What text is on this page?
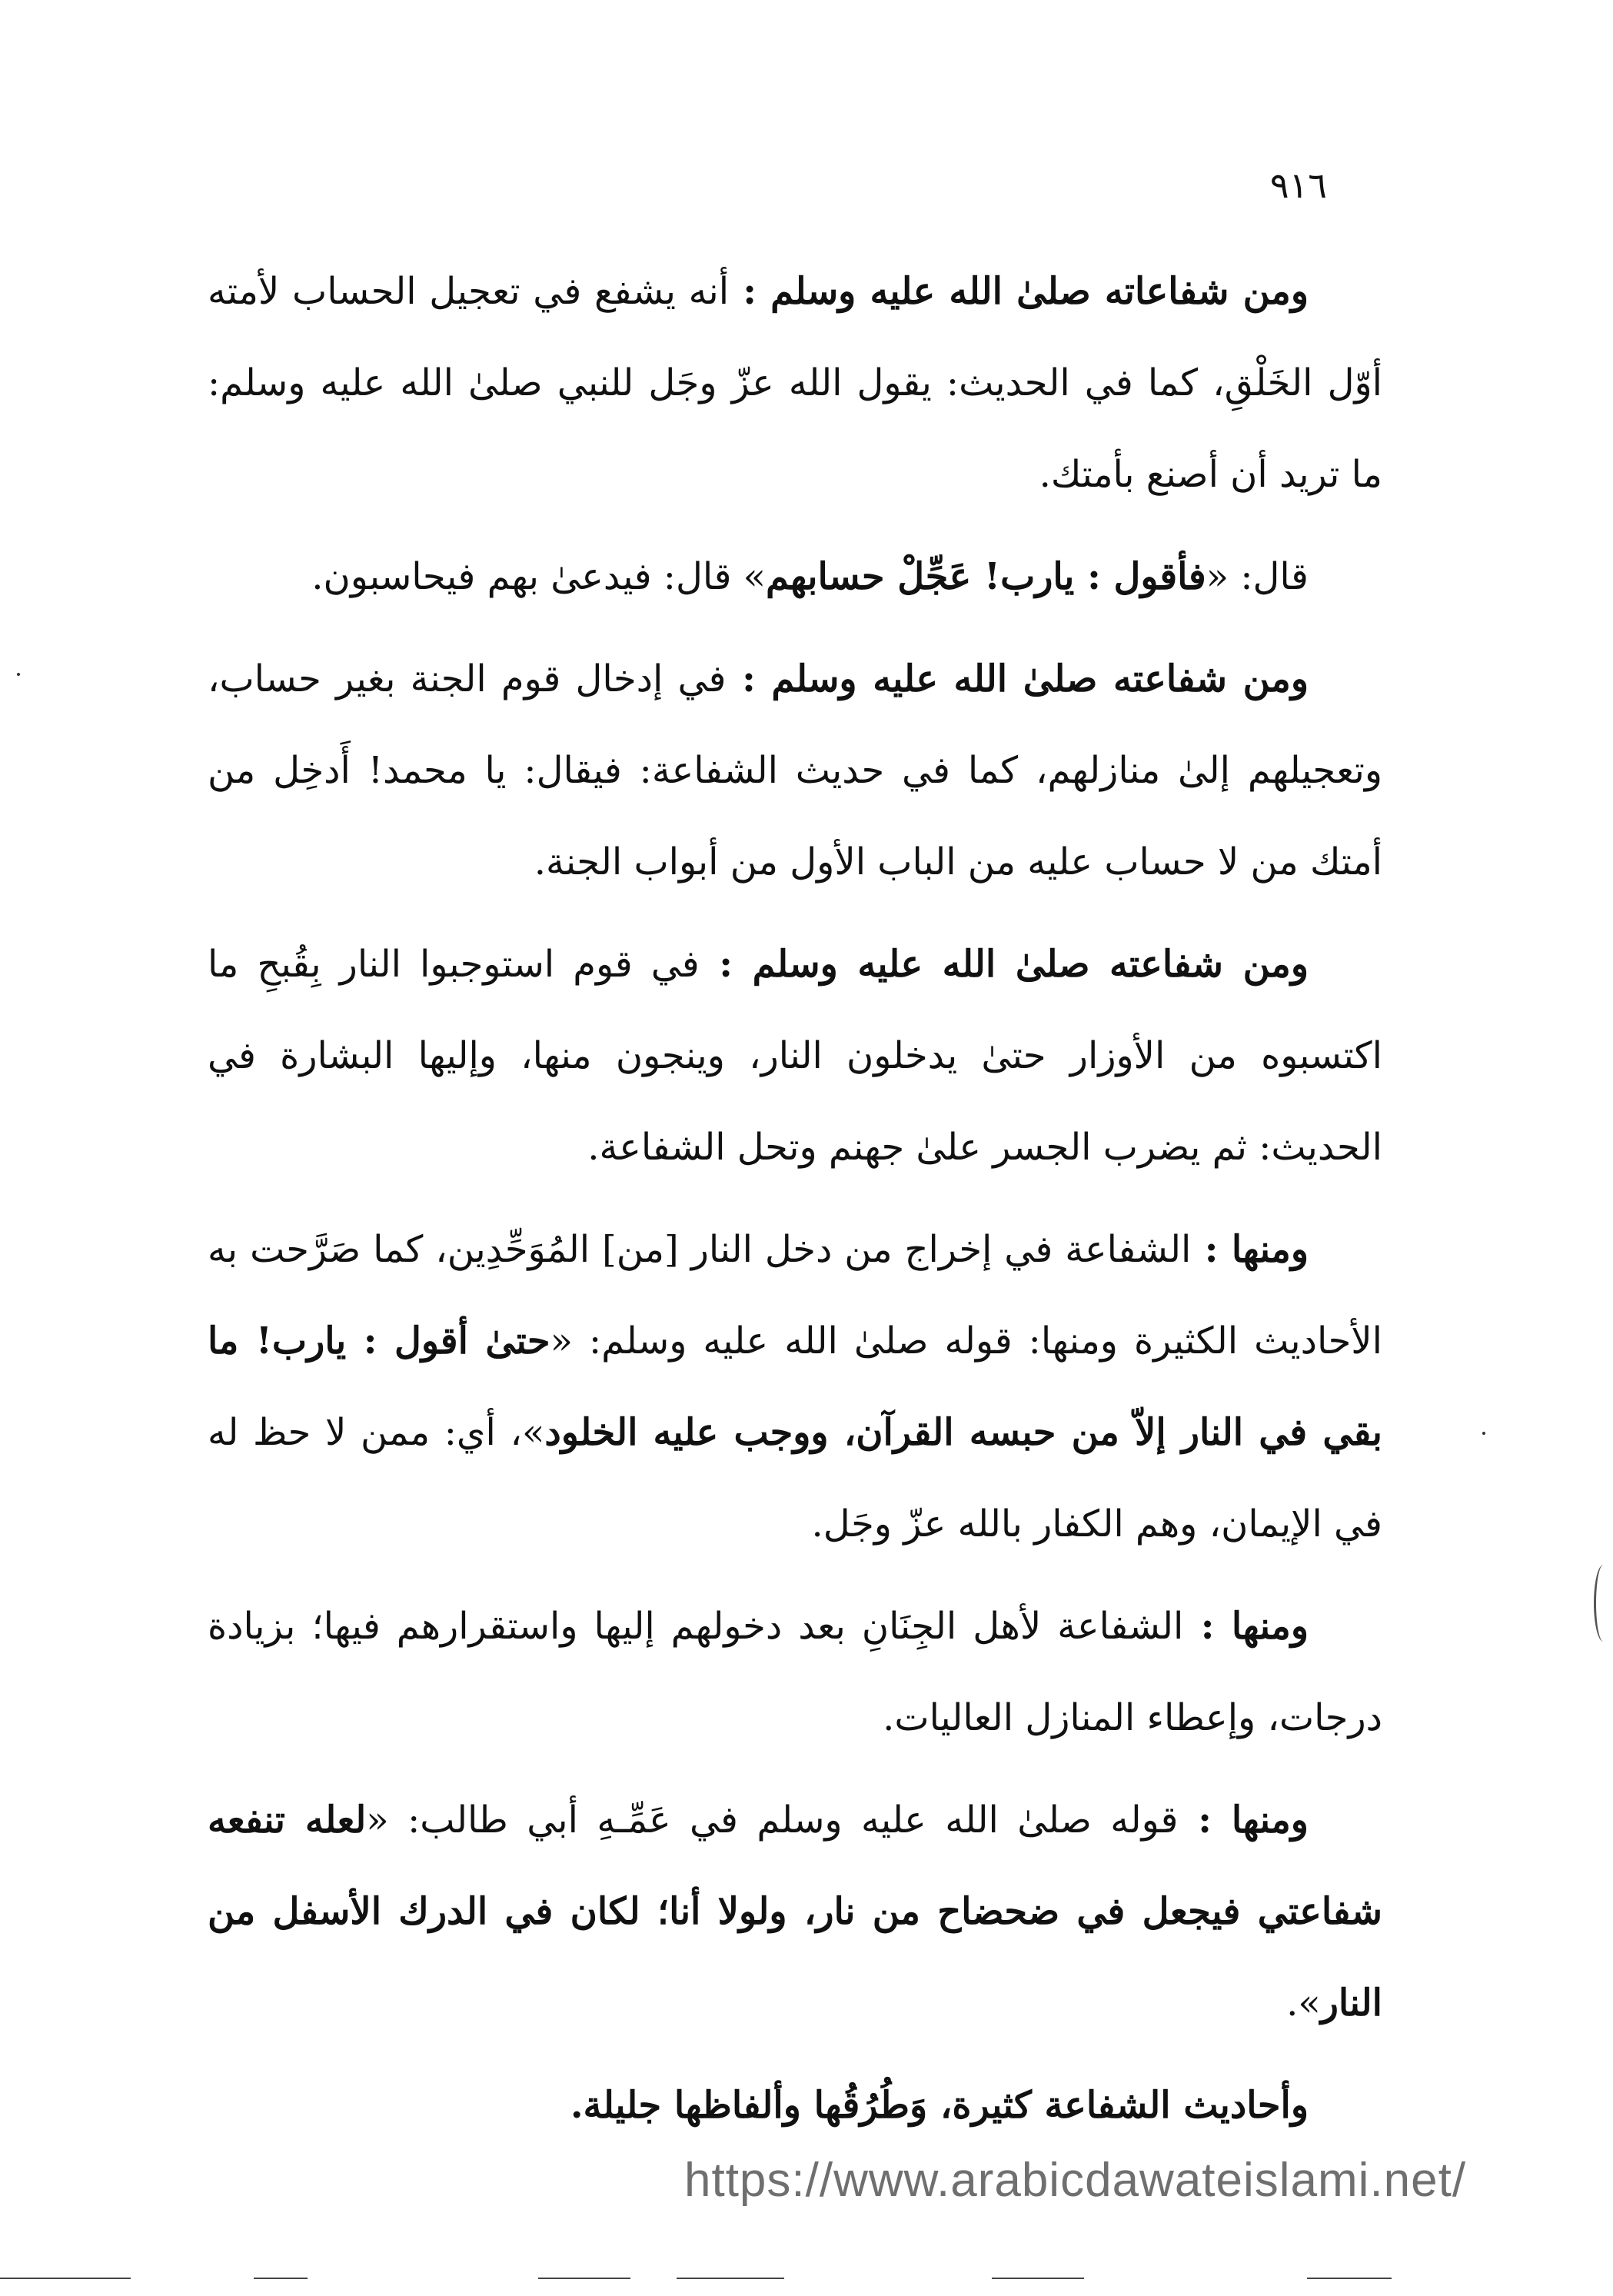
٩١٦

ومن شفاعاته صلىٰ الله عليه وسلم : أنه يشفع في تعجيل الحساب لأمته أوّل الخَلْقِ، كما في الحديث: يقول الله عزّ وجَل للنبي صلىٰ الله عليه وسلم: ما تريد أن أصنع بأمتك.

قال: «فأقول : يارب! عَجِّلْ حسابهم» قال: فيدعىٰ بهم فيحاسبون.

ومن شفاعته صلىٰ الله عليه وسلم : في إدخال قوم الجنة بغير حساب، وتعجيلهم إلىٰ منازلهم، كما في حديث الشفاعة: فيقال: يا محمد! أَدخِل من أمتك من لا حساب عليه من الباب الأول من أبواب الجنة.

ومن شفاعته صلىٰ الله عليه وسلم : في قوم استوجبوا النار بِقُبحِ ما اكتسبوه من الأوزار حتىٰ يدخلون النار، وينجون منها، وإليها البشارة في الحديث: ثم يضرب الجسر علىٰ جهنم وتحل الشفاعة.

ومنها : الشفاعة في إخراج من دخل النار [من] المُوَحِّدِين، كما صَرَّحت به الأحاديث الكثيرة ومنها: قوله صلىٰ الله عليه وسلم: «حتىٰ أقول : يارب! ما بقي في النار إلاّ من حبسه القرآن، ووجب عليه الخلود»، أي: ممن لا حظ له في الإيمان، وهم الكفار بالله عزّ وجَل.

ومنها : الشفاعة لأهل الجِنَانِ بعد دخولهم إليها واستقرارهم فيها؛ بزيادة درجات، وإعطاء المنازل العاليات.

ومنها : قوله صلىٰ الله عليه وسلم في عَمِّـهِ أبي طالب: «لعله تنفعه شفاعتي فيجعل في ضحضاح من نار، ولولا أنا؛ لكان في الدرك الأسفل من النار».

وأحاديث الشفاعة كثيرة، وَطُرُقُها وألفاظها جليلة.

https://www.arabicdawateislami.net/
